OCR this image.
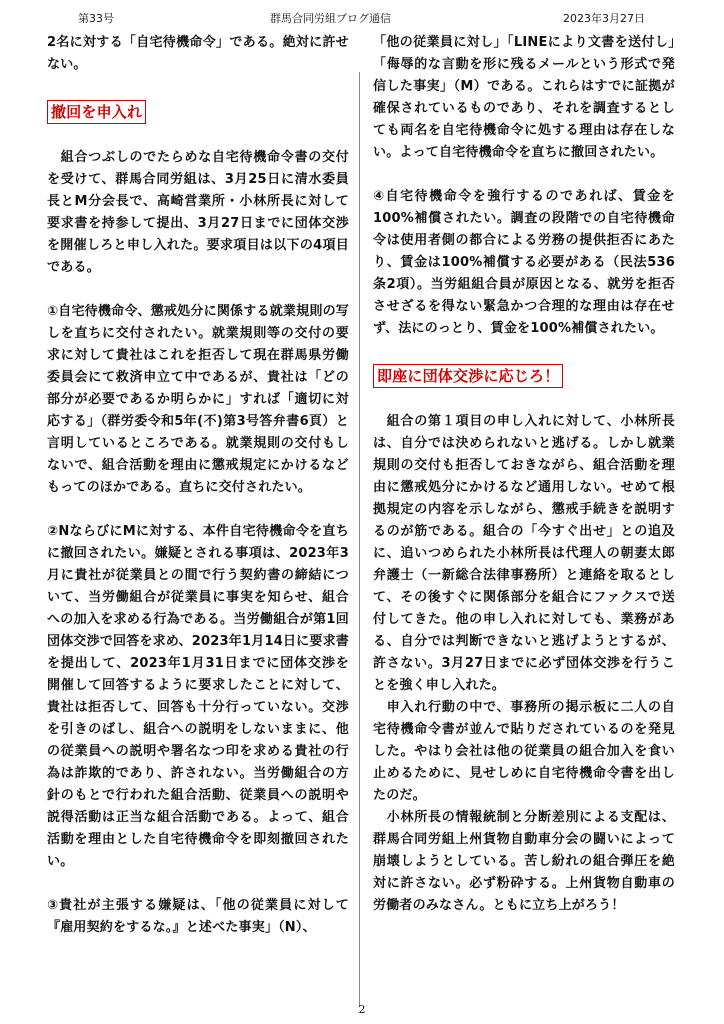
第33号	群馬合同労組ブログ通信	2023年3月27日

2名に対する「自宅待機命令」である。絶対に許せない。

撤回を申入れ

　組合つぶしのでたらめな自宅待機命令書の交付を受けて、群馬合同労組は、3月25日に清水委員長とM分会長で、高崎営業所・小林所長に対して要求書を持参して提出、3月27日までに団体交渉を開催しろと申し入れた。要求項目は以下の4項目である。

①自宅待機命令、懲戒処分に関係する就業規則の写しを直ちに交付されたい。就業規則等の交付の要求に対して貴社はこれを拒否して現在群馬県労働委員会にて救済申立て中であるが、貴社は「どの部分が必要であるか明らかに」すれば「適切に対応する」（群労委令和5年(不)第3号答弁書6頁）と言明しているところである。就業規則の交付もしないで、組合活動を理由に懲戒規定にかけるなどもってのほかである。直ちに交付されたい。

②NならびにMに対する、本件自宅待機命令を直ちに撤回されたい。嫌疑とされる事項は、2023年3月に貴社が従業員との間で行う契約書の締結について、当労働組合が従業員に事実を知らせ、組合への加入を求める行為である。当労働組合が第1回団体交渉で回答を求め、2023年1月14日に要求書を提出して、2023年1月31日までに団体交渉を開催して回答するように要求したことに対して、貴社は拒否して、回答も十分行っていない。交渉を引きのばし、組合への説明をしないままに、他の従業員への説明や署名なつ印を求める貴社の行為は詐欺的であり、許されない。当労働組合の方針のもとで行われた組合活動、従業員への説明や説得活動は正当な組合活動である。よって、組合活動を理由とした自宅待機命令を即刻撤回されたい。

③貴社が主張する嫌疑は、「他の従業員に対して『雇用契約をするな。』と述べた事実」（N）、

「他の従業員に対し」「LINEにより文書を送付し」「侮辱的な言動を形に残るメールという形式で発信した事実」（M）である。これらはすでに証拠が確保されているものであり、それを調査するとしても両名を自宅待機命令に処する理由は存在しない。よって自宅待機命令を直ちに撤回されたい。

④自宅待機命令を強行するのであれば、賃金を100%補償されたい。調査の段階での自宅待機命令は使用者側の都合による労務の提供拒否にあたり、賃金は100%補償する必要がある（民法536条2項）。当労組組合員が原因となる、就労を拒否させざるを得ない緊急かつ合理的な理由は存在せず、法にのっとり、賃金を100%補償されたい。

即座に団体交渉に応じろ！

　組合の第１項目の申し入れに対して、小林所長は、自分では決められないと逃げる。しかし就業規則の交付も拒否しておきながら、組合活動を理由に懲戒処分にかけるなど通用しない。せめて根拠規定の内容を示しながら、懲戒手続きを説明するのが筋である。組合の「今すぐ出せ」との追及に、追いつめられた小林所長は代理人の朝妻太郎弁護士（一新総合法律事務所）と連絡を取るとして、その後すぐに関係部分を組合にファクスで送付してきた。他の申し入れに対しても、業務がある、自分では判断できないと逃げようとするが、許さない。3月27日までに必ず団体交渉を行うことを強く申し入れた。

　申入れ行動の中で、事務所の掲示板に二人の自宅待機命令書が並んで貼りだされているのを発見した。やはり会社は他の従業員の組合加入を食い止めるために、見せしめに自宅待機命令書を出したのだ。

　小林所長の情報統制と分断差別による支配は、群馬合同労組上州貨物自動車分会の闘いによって崩壊しようとしている。苦し紛れの組合弾圧を絶対に許さない。必ず粉砕する。上州貨物自動車の労働者のみなさん。ともに立ち上がろう！

2
